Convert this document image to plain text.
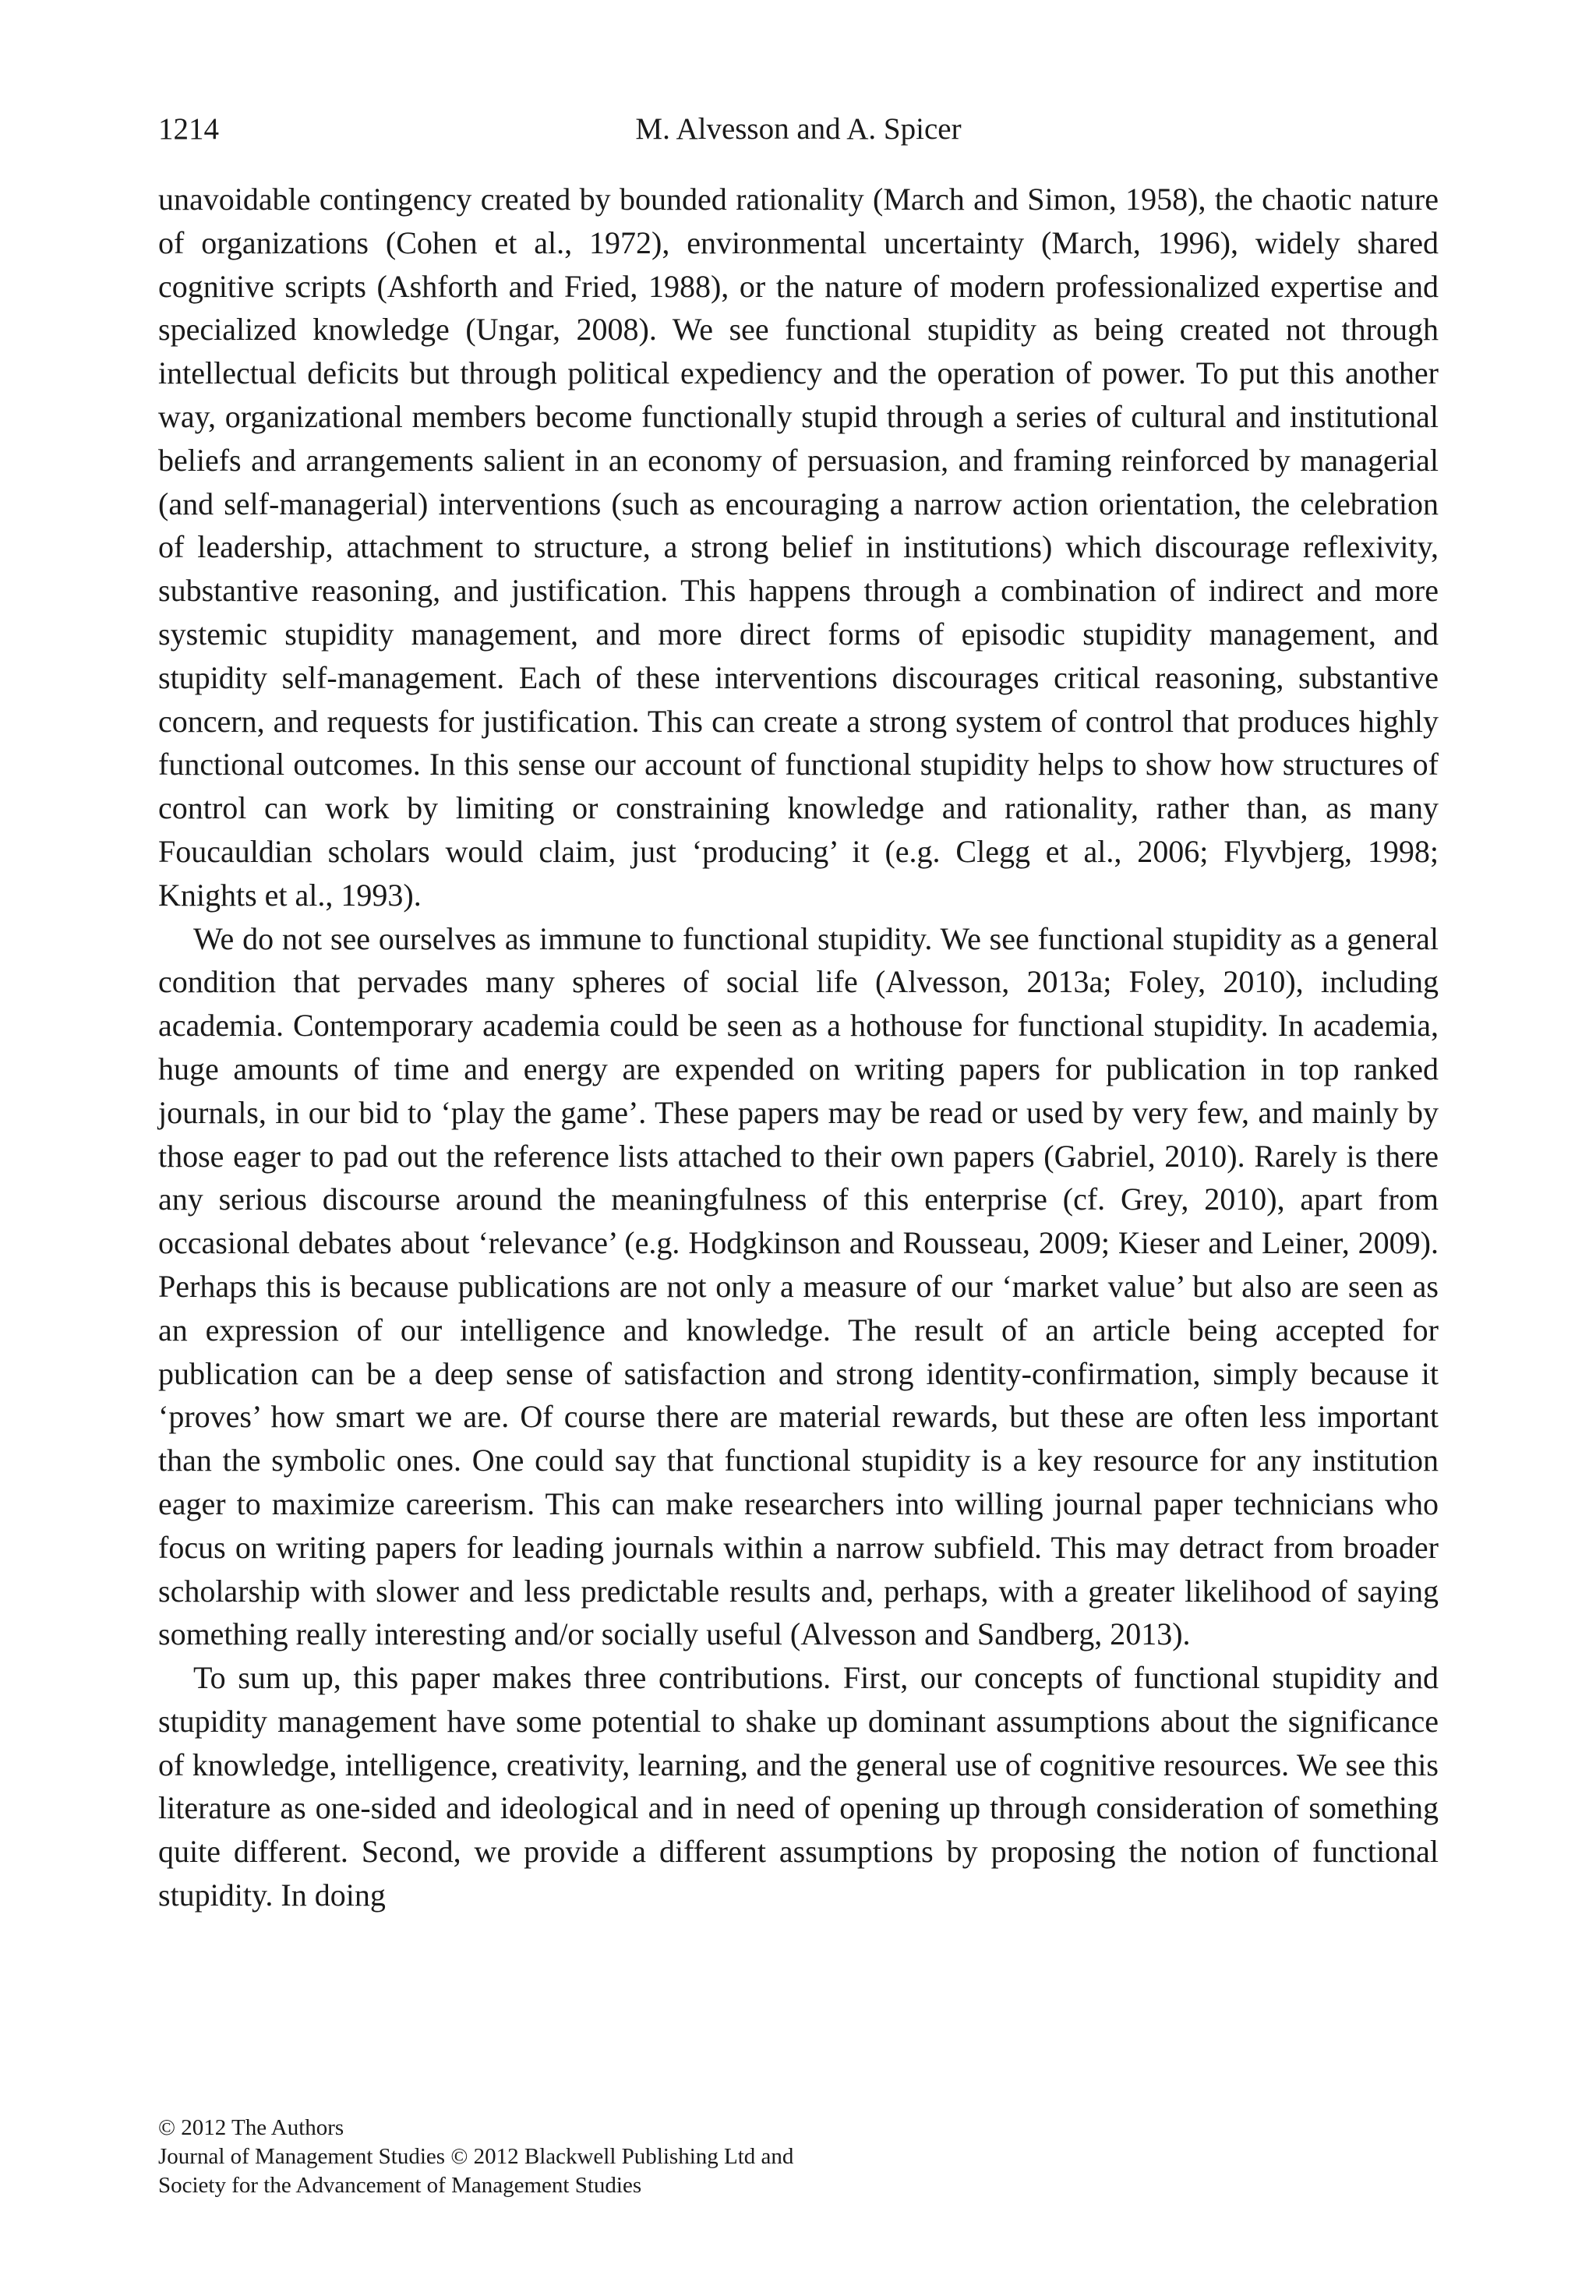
1214	M. Alvesson and A. Spicer

unavoidable contingency created by bounded rationality (March and Simon, 1958), the chaotic nature of organizations (Cohen et al., 1972), environmental uncertainty (March, 1996), widely shared cognitive scripts (Ashforth and Fried, 1988), or the nature of modern professionalized expertise and specialized knowledge (Ungar, 2008). We see functional stupidity as being created not through intellectual deficits but through political expediency and the operation of power. To put this another way, organizational members become functionally stupid through a series of cultural and institutional beliefs and arrangements salient in an economy of persuasion, and framing reinforced by managerial (and self-managerial) interventions (such as encouraging a narrow action orientation, the celebration of leadership, attachment to structure, a strong belief in institutions) which discourage reflexivity, substantive reasoning, and justification. This happens through a combination of indirect and more systemic stupidity management, and more direct forms of episodic stupidity management, and stupidity self-management. Each of these interventions discourages critical reasoning, substantive concern, and requests for justification. This can create a strong system of control that produces highly functional outcomes. In this sense our account of functional stupidity helps to show how structures of control can work by limiting or constraining knowledge and rationality, rather than, as many Foucauldian scholars would claim, just ‘producing’ it (e.g. Clegg et al., 2006; Flyvbjerg, 1998; Knights et al., 1993).

We do not see ourselves as immune to functional stupidity. We see functional stupidity as a general condition that pervades many spheres of social life (Alvesson, 2013a; Foley, 2010), including academia. Contemporary academia could be seen as a hothouse for functional stupidity. In academia, huge amounts of time and energy are expended on writing papers for publication in top ranked journals, in our bid to ‘play the game’. These papers may be read or used by very few, and mainly by those eager to pad out the reference lists attached to their own papers (Gabriel, 2010). Rarely is there any serious discourse around the meaningfulness of this enterprise (cf. Grey, 2010), apart from occasional debates about ‘relevance’ (e.g. Hodgkinson and Rousseau, 2009; Kieser and Leiner, 2009). Perhaps this is because publications are not only a measure of our ‘market value’ but also are seen as an expression of our intelligence and knowledge. The result of an article being accepted for publication can be a deep sense of satisfaction and strong identity-confirmation, simply because it ‘proves’ how smart we are. Of course there are material rewards, but these are often less important than the symbolic ones. One could say that functional stupidity is a key resource for any institution eager to maximize careerism. This can make researchers into willing journal paper technicians who focus on writing papers for leading journals within a narrow subfield. This may detract from broader scholarship with slower and less predictable results and, perhaps, with a greater likelihood of saying something really interesting and/or socially useful (Alvesson and Sandberg, 2013).

To sum up, this paper makes three contributions. First, our concepts of functional stupidity and stupidity management have some potential to shake up dominant assumptions about the significance of knowledge, intelligence, creativity, learning, and the general use of cognitive resources. We see this literature as one-sided and ideological and in need of opening up through consideration of something quite different. Second, we provide a different assumptions by proposing the notion of functional stupidity. In doing

© 2012 The Authors
Journal of Management Studies © 2012 Blackwell Publishing Ltd and
Society for the Advancement of Management Studies
